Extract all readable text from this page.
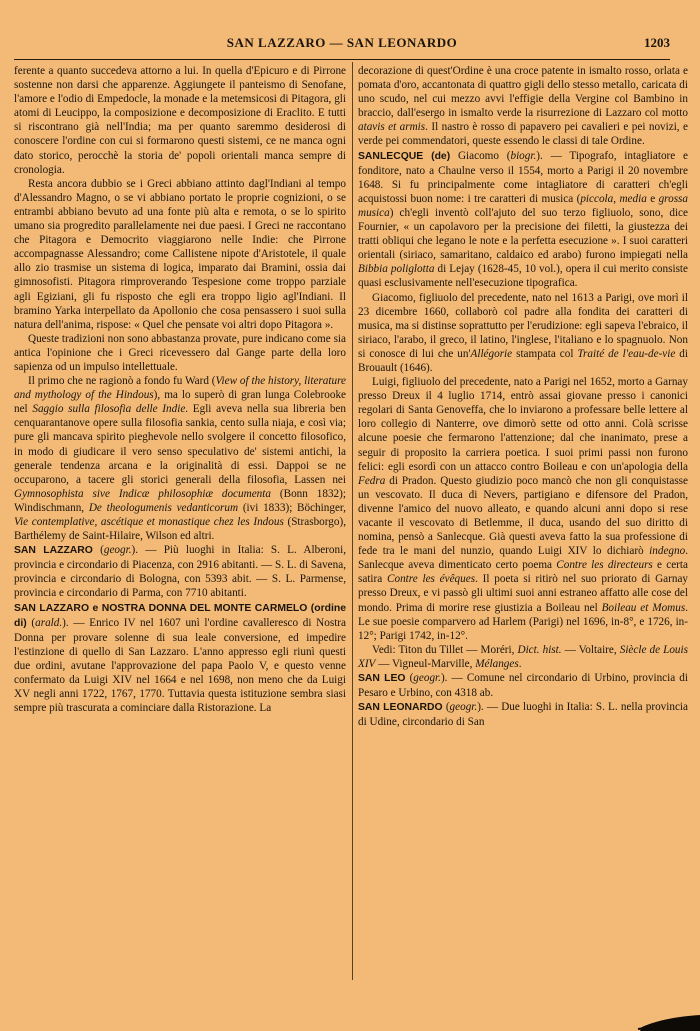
SAN LAZZARO — SAN LEONARDO	1203

ferente a quanto succedeva attorno a lui. In quella d'Epicuro e di Pirrone sostenne non darsi che apparenze. Aggiungete il panteismo di Senofane, l'amore e l'odio di Empedocle, la monade e la metemsicosi di Pitagora, gli atomi di Leucippo, la composizione e decomposizione di Eraclito. E tutti si riscontrano già nell'India; ma per quanto saremmo desiderosi di conoscere l'ordine con cui si formarono questi sistemi, ce ne manca ogni dato storico, perocchè la storia de' popoli orientali manca sempre di cronologia.

Resta ancora dubbio se i Greci abbiano attinto dagl'Indiani al tempo d'Alessandro Magno, o se vi abbiano portato le proprie cognizioni, o se entrambi abbiano bevuto ad una fonte più alta e remota, o se lo spirito umano sia progredito parallelamente nei due paesi. I Greci ne raccontano che Pitagora e Democrito viaggiarono nelle Indie: che Pirrone accompagnasse Alessandro; come Callistene nipote d'Aristotele, il quale allo zio trasmise un sistema di logica, imparato dai Bramini, ossia dai gimnosofisti. Pitagora rimproverando Tespesione come troppo parziale agli Egiziani, gli fu risposto che egli era troppo ligio agl'Indiani. Il bramino Yarka interpellato da Apollonio che cosa pensassero i suoi sulla natura dell'anima, rispose: « Quel che pensate voi altri dopo Pitagora ».

Queste tradizioni non sono abbastanza provate, pure indicano come sia antica l'opinione che i Greci ricevessero dal Gange parte della loro sapienza od un impulso intellettuale.

Il primo che ne ragionò a fondo fu Ward (View of the history, literature and mythology of the Hindous), ma lo superò di gran lunga Colebrooke nel Saggio sulla filosofia delle Indie. Egli aveva nella sua libreria ben cenquarantanove opere sulla filosofia sankia, cento sulla niaja, e così via; pure gli mancava spirito pieghevole nello svolgere il concetto filosofico, in modo di giudicare il vero senso speculativo de' sistemi antichi, la generale tendenza arcana e la originalità di essi. Dappoi se ne occuparono, a tacere gli storici generali della filosofia, Lassen nei Gymnosophista sive Indicæ philosophiæ documenta (Bonn 1832); Windischmann, De theologumenis vedanticorum (ivi 1833); Böchinger, Vie contemplative, ascétique et monastique chez les Indous (Strasborgo), Barthélemy de Saint-Hilaire, Wilson ed altri.

SAN LAZZARO (geogr.). — Più luoghi in Italia: S. L. Alberoni, provincia e circondario di Piacenza, con 2916 abitanti. — S. L. di Savena, provincia e circondario di Bologna, con 5393 abit. — S. L. Parmense, provincia e circondario di Parma, con 7710 abitanti.

SAN LAZZARO e NOSTRA DONNA DEL MONTE CARMELO (ordine di) (arald.). — Enrico IV nel 1607 unì l'ordine cavalleresco di Nostra Donna per provare solenne di sua leale conversione, ed impedire l'estinzione di quello di San Lazzaro. L'anno appresso egli riunì questi due ordini, avutane l'approvazione del papa Paolo V, e questo venne confermato da Luigi XIV nel 1664 e nel 1698, non meno che da Luigi XV negli anni 1722, 1767, 1770. Tuttavia questa istituzione sembra siasi sempre più trascurata a cominciare dalla Ristorazione. La

decorazione di quest'Ordine è una croce patente in ismalto rosso, orlata e pomata d'oro, accantonata di quattro gigli dello stesso metallo, caricata di uno scudo, nel cui mezzo avvi l'effigie della Vergine col Bambino in braccio, dall'esergo in ismalto verde la risurrezione di Lazzaro col motto atavis et armis. Il nastro è rosso di papavero pei cavalieri e pei novizi, e verde pei commendatori, queste essendo le classi di tale Ordine.

SANLECQUE (de) Giacomo (biogr.). — Tipografo, intagliatore e fonditore, nato a Chaulne verso il 1554, morto a Parigi il 20 novembre 1648. Si fu principalmente come intagliatore di caratteri ch'egli acquistossi buon nome: i tre caratteri di musica (piccola, media e grossa musica) ch'egli inventò coll'ajuto del suo terzo figliuolo, sono, dice Fournier, « un capolavoro per la precisione dei filetti, la giustezza dei tratti obliqui che legano le note e la perfetta esecuzione ». I suoi caratteri orientali (siriaco, samaritano, caldaico ed arabo) furono impiegati nella Bibbia poliglotta di Lejay (1628-45, 10 vol.), opera il cui merito consiste quasi esclusivamente nell'esecuzione tipografica.

Giacomo, figliuolo del precedente, nato nel 1613 a Parigi, ove morì il 23 dicembre 1660, collaborò col padre alla fondita dei caratteri di musica, ma si distinse soprattutto per l'erudizione: egli sapeva l'ebraico, il siriaco, l'arabo, il greco, il latino, l'inglese, l'italiano e lo spagnuolo. Non si conosce di lui che un'Allégorie stampata col Traité de l'eau-de-vie di Brouault (1646).

Luigi, figliuolo del precedente, nato a Parigi nel 1652, morto a Garnay presso Dreux il 4 luglio 1714, entrò assai giovane presso i canonici regolari di Santa Genoveffa, che lo inviarono a professare belle lettere al loro collegio di Nanterre, ove dimorò sette od otto anni. Colà scrisse alcune poesie che fermarono l'attenzione; dal che inanimato, prese a seguir di proposito la carriera poetica. I suoi primi passi non furono felici: egli esordì con un attacco contro Boileau e con un'apologia della Fedra di Pradon. Questo giudizio poco mancò che non gli conquistasse un vescovato. Il duca di Nevers, partigiano e difensore del Pradon, divenne l'amico del nuovo alleato, e quando alcuni anni dopo si rese vacante il vescovato di Betlemme, il duca, usando del suo diritto di nomina, pensò a Sanlecque. Già questi aveva fatto la sua professione di fede tra le mani del nunzio, quando Luigi XIV lo dichiarò indegno. Sanlecque aveva dimenticato certo poema Contre les directeurs e certa satira Contre les évêques. Il poeta si ritirò nel suo priorato di Garnay presso Dreux, e vi passò gli ultimi suoi anni estraneo affatto alle cose del mondo. Prima di morire rese giustizia a Boileau nel Boileau et Momus. Le sue poesie comparvero ad Harlem (Parigi) nel 1696, in-8°, e 1726, in-12°; Parigi 1742, in-12°.

Vedi: Titon du Tillet — Moréri, Dict. hist. — Voltaire, Siècle de Louis XIV — Vigneul-Marville, Mélanges.

SAN LEO (geogr.). — Comune nel circondario di Urbino, provincia di Pesaro e Urbino, con 4318 ab.

SAN LEONARDO (geogr.). — Due luoghi in Italia: S. L. nella provincia di Udine, circondario di San
